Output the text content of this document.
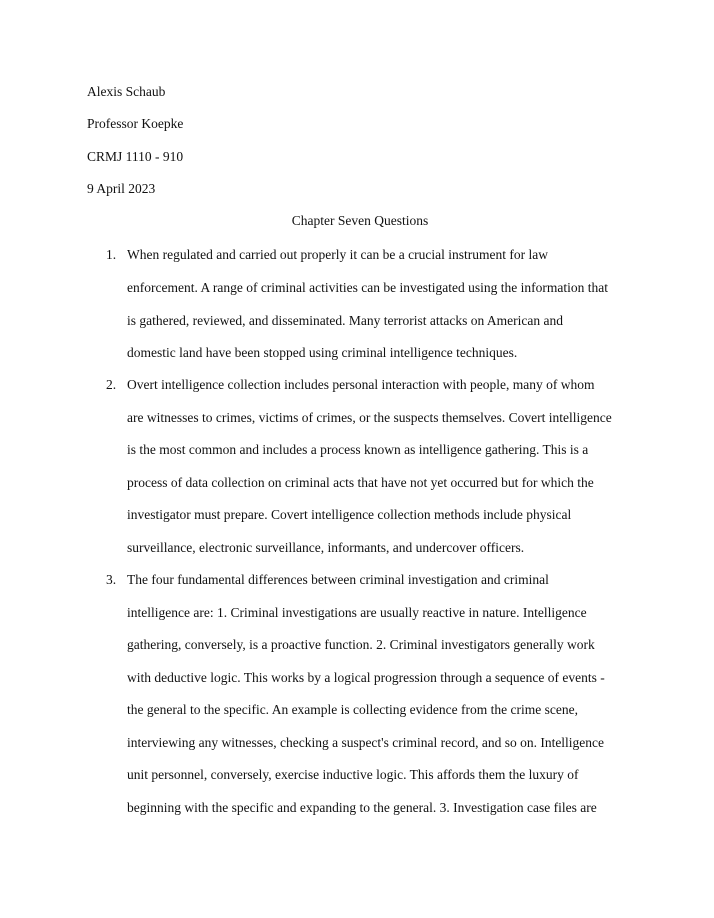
Alexis Schaub
Professor Koepke
CRMJ 1110 - 910
9 April 2023
Chapter Seven Questions
1. When regulated and carried out properly it can be a crucial instrument for law
enforcement. A range of criminal activities can be investigated using the information that
is gathered, reviewed, and disseminated. Many terrorist attacks on American and
domestic land have been stopped using criminal intelligence techniques.
2. Overt intelligence collection includes personal interaction with people, many of whom
are witnesses to crimes, victims of crimes, or the suspects themselves. Covert intelligence
is the most common and includes a process known as intelligence gathering. This is a
process of data collection on criminal acts that have not yet occurred but for which the
investigator must prepare. Covert intelligence collection methods include physical
surveillance, electronic surveillance, informants, and undercover officers.
3. The four fundamental differences between criminal investigation and criminal
intelligence are: 1. Criminal investigations are usually reactive in nature. Intelligence
gathering, conversely, is a proactive function. 2. Criminal investigators generally work
with deductive logic. This works by a logical progression through a sequence of events -
the general to the specific. An example is collecting evidence from the crime scene,
interviewing any witnesses, checking a suspect's criminal record, and so on. Intelligence
unit personnel, conversely, exercise inductive logic. This affords them the luxury of
beginning with the specific and expanding to the general. 3. Investigation case files are
